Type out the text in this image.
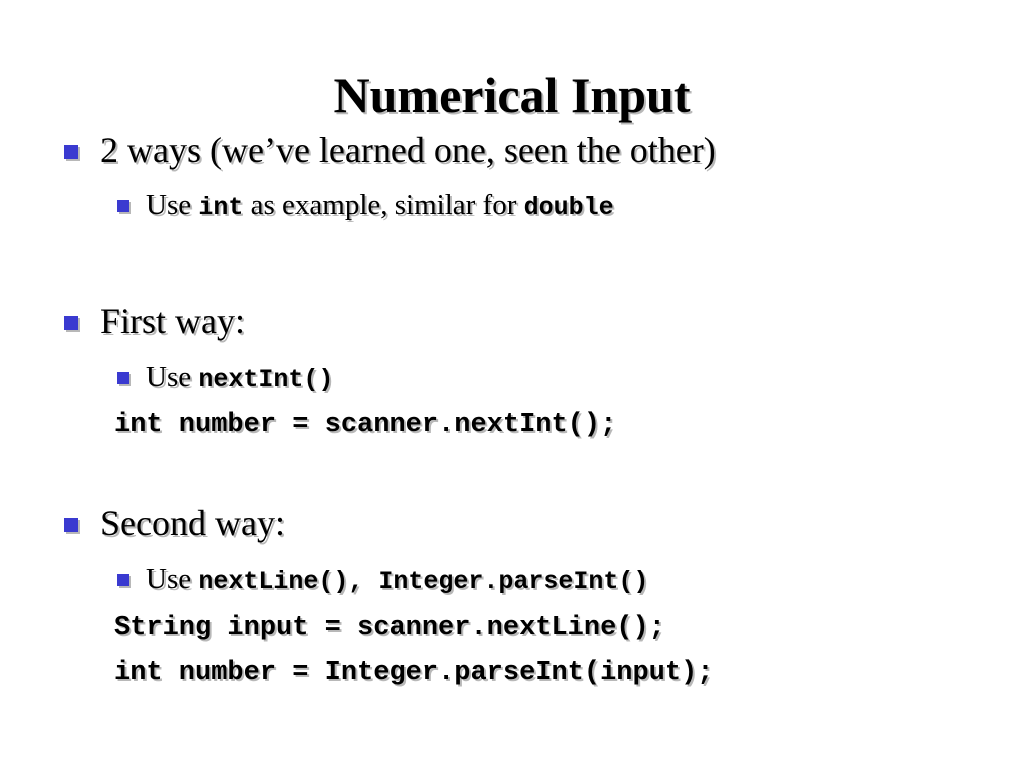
Numerical Input
2 ways (we’ve learned one, seen the other)
Use int as example, similar for double
First way:
Use nextInt()
int number = scanner.nextInt();
Second way:
Use nextLine(), Integer.parseInt()
String input = scanner.nextLine();
int number = Integer.parseInt(input);
